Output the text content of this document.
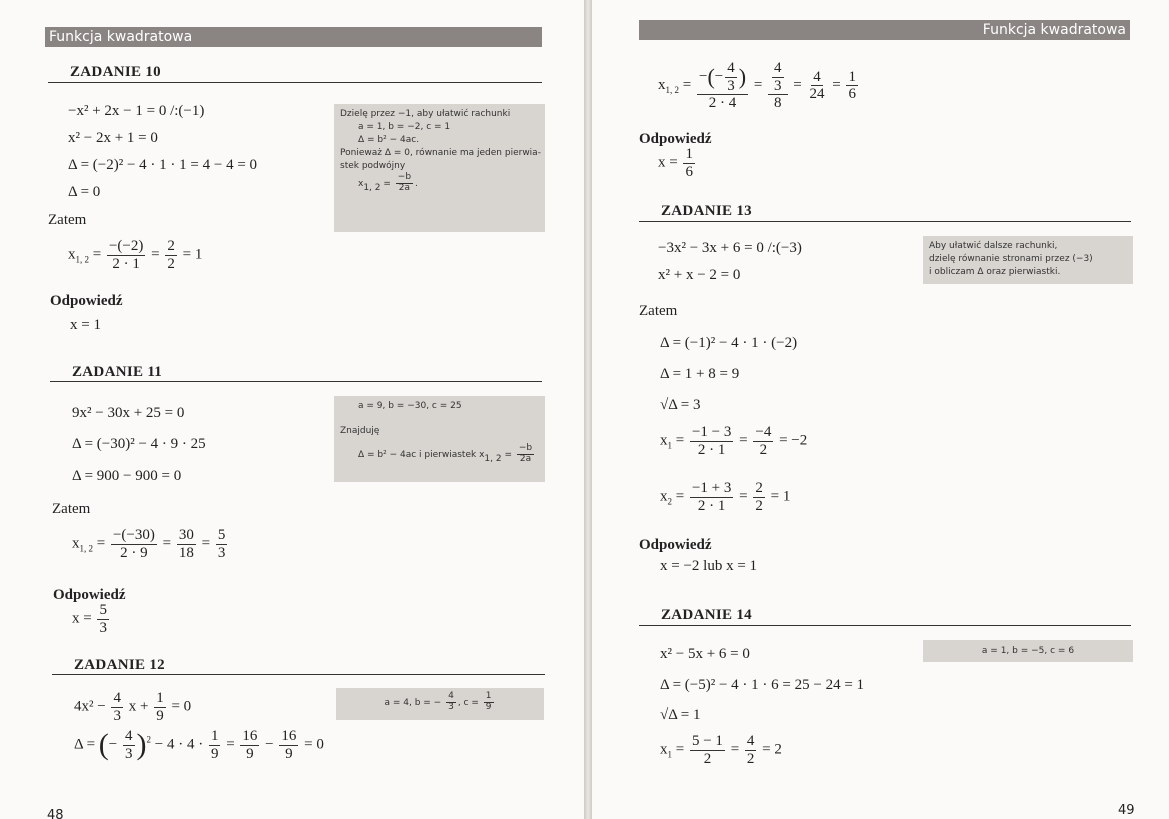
Funkcja kwadratowa
ZADANIE 10
−x² + 2x − 1 = 0 /:(−1)
x² − 2x + 1 = 0
Δ = (−2)² − 4 · 1 · 1 = 4 − 4 = 0
Δ = 0
Zatem
$x_{1, 2} = \frac{-(-2)}{2 \cdot 1} = \frac{2}{2} = 1$
Odpowiedź
x = 1
Dzielę przez −1, aby ułatwić rachunki
a = 1, b = −2, c = 1
Δ = b² − 4ac.
Ponieważ Δ = 0, równanie ma jeden pierwia-
stek podwójny
x1, $2 = \frac{-b}{2a}$ .
ZADANIE 11
9x² − 30x + 25 = 0
Δ = (−30)² − 4 · 9 · 25
Δ = 900 − 900 = 0
Zatem
$x_{1, 2} = \frac{-(-30)}{2 \cdot 9} = \frac{30}{18} = \frac{5}{3}$
Odpowiedź
$x = \frac{5}{3}$
a = 9, b = −30, c = 25
Znajduję
Δ = b² − 4ac i pierwiastek x1, $2 = \frac{-b}{2a}$
ZADANIE 12
$4x^2 - \frac{4}{3}$ $x + \frac{1}{9} = 0$
Δ = (− $\frac{4}{3} )^2 - 4 \cdot 4 \cdot \frac{1}{9} = \frac{16}{9} - \frac{16}{9} = 0$
a = 4, b = − $\frac{4}{3}$ , $c = \frac{1}{9}$
48
Funkcja kwadratowa
$x_{1, 2} = \frac{-(- \frac{4}{3} )}{2 \cdot 4} = \frac{\frac{4}{3}}{8} = \frac{4}{24} = \frac{1}{6}$
Odpowiedź
$x = \frac{1}{6}$
ZADANIE 13
−3x² − 3x + 6 = 0 /:(−3)
x² + x − 2 = 0
Zatem
Δ = (−1)² − 4 · 1 · (−2)
Δ = 1 + 8 = 9
√Δ = 3
$x_1 = \frac{-1 - 3}{2 \cdot 1} = \frac{-4}{2} = -2$
$x_2 = \frac{-1 + 3}{2 \cdot 1} = \frac{2}{2} = 1$
Odpowiedź
x = −2 lub x = 1
Aby ułatwić dalsze rachunki,
dzielę równanie stronami przez (−3)
i obliczam Δ oraz pierwiastki.
ZADANIE 14
x² − 5x + 6 = 0
Δ = (−5)² − 4 · 1 · 6 = 25 − 24 = 1
√Δ = 1
$x_1 = \frac{5 - 1}{2} = \frac{4}{2} = 2$
a = 1, b = −5, c = 6
49
